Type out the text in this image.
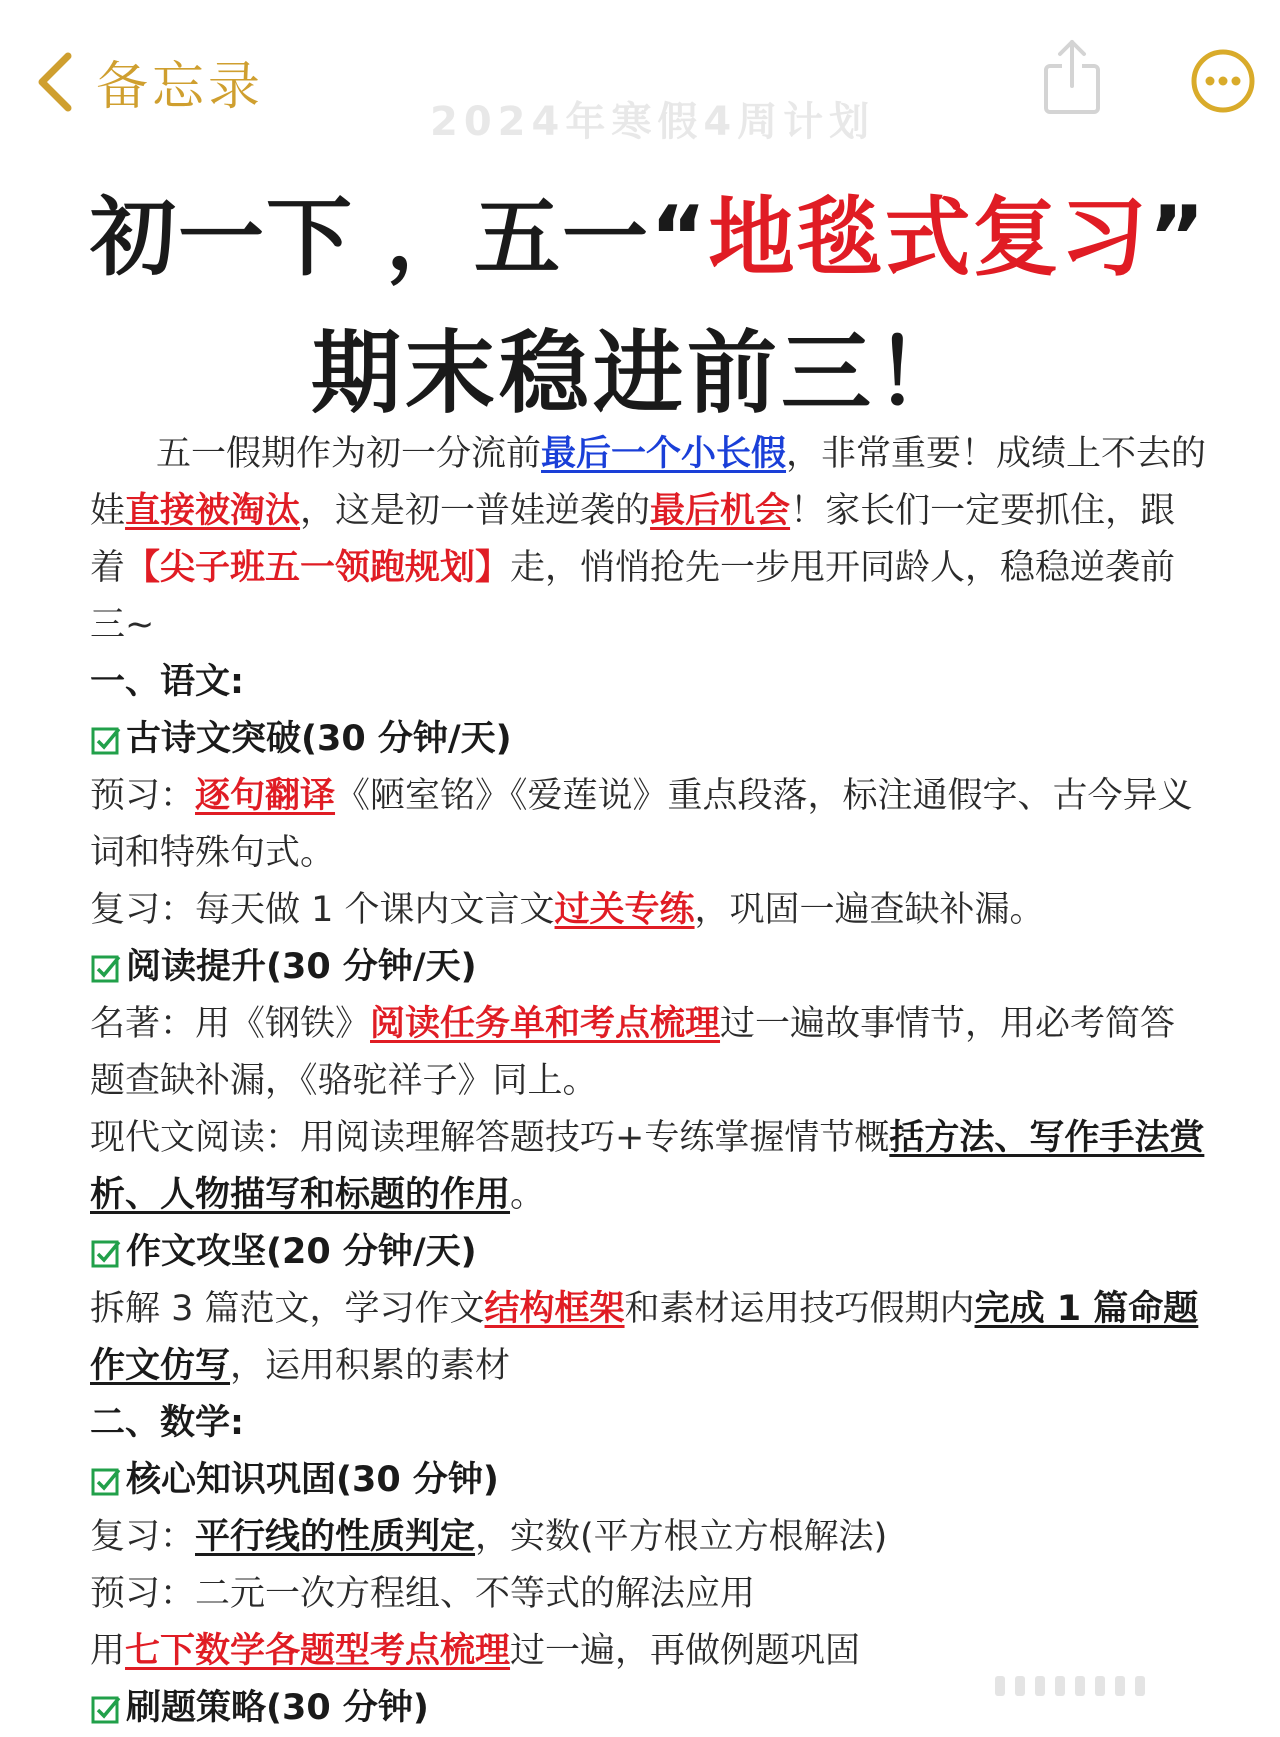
备忘录
2024年寒假4周计划
初一下 ，五一“地毯式复习”
期末稳进前三！

五一假期作为初一分流前最后一个小长假，非常重要！成绩上不去的娃直接被淘汰，这是初一普娃逆袭的最后机会！家长们一定要抓住，跟着【尖子班五一领跑规划】走，悄悄抢先一步甩开同龄人，稳稳逆袭前三~

一、语文:

古诗文突破(30 分钟/天)

预习：逐句翻译《陋室铭》《爱莲说》重点段落，标注通假字、古今异义词和特殊句式。

复习：每天做 1 个课内文言文过关专练，巩固一遍查缺补漏。

阅读提升(30 分钟/天)

名著：用《钢铁》阅读任务单和考点梳理过一遍故事情节，用必考简答题查缺补漏，《骆驼祥子》同上。

现代文阅读：用阅读理解答题技巧+专练掌握情节概括方法、写作手法赏析、人物描写和标题的作用。

作文攻坚(20 分钟/天)

拆解 3 篇范文，学习作文结构框架和素材运用技巧假期内完成 1 篇命题作文仿写，运用积累的素材

二、数学:

核心知识巩固(30 分钟)

复习：平行线的性质判定，实数(平方根立方根解法)

预习：二元一次方程组、不等式的解法应用

用七下数学各题型考点梳理过一遍，再做例题巩固

刷题策略(30 分钟)
